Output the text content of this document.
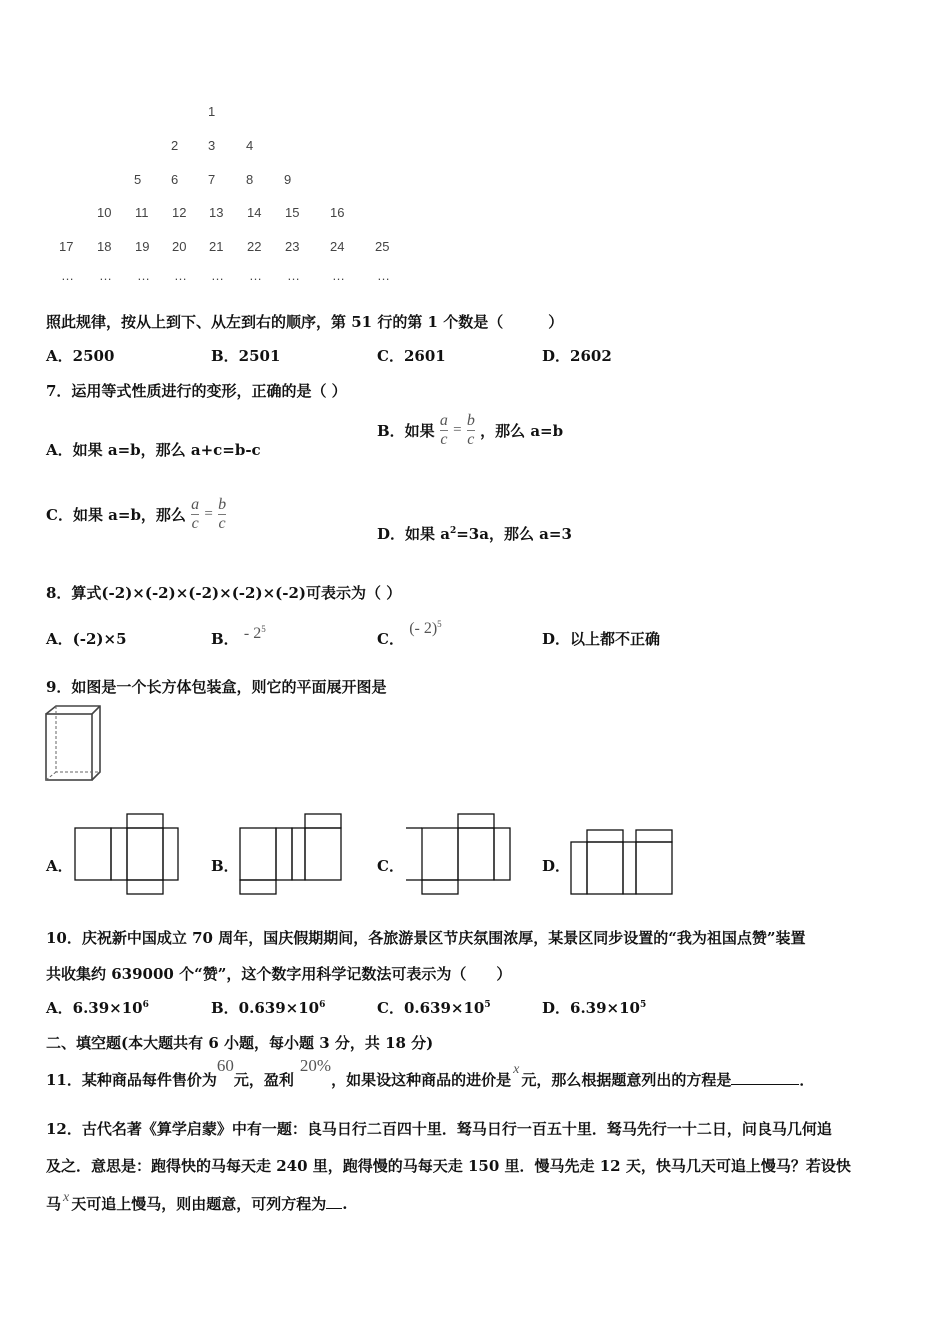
1
2 3 4
5 6 7 8 9
10 11 12 13 14 15 16
17 18 19 20 21 22 23 24 25
… … … … … … … … …
照此规律，按从上到下、从左到右的顺序，第 51 行的第 1 个数是（　　　）
A．2500	B．2501	C．2601	D．2602
7．运用等式性质进行的变形，正确的是（ ）
A．如果 a=b，那么 a+c=b-c
B．如果 $\frac{a}{c} = \frac{b}{c}$ ，那么 a=b
C．如果 a=b，那么 $\frac{a}{c} = \frac{b}{c}$
D．如果 $a^2=3a$，那么 a=3
8．算式(-2)×(-2)×(-2)×(-2)×(-2)可表示为（ ）
A．(-2)×5	B． - $2^5$
C． (- 2)$^5$
D．以上都不正确
9．如图是一个长方体包装盒，则它的平面展开图是
A．	B．	C．	D．
10．庆祝新中国成立 70 周年，国庆假期期间，各旅游景区节庆氛围浓厚，某景区同步设置的“我为祖国点赞”装置
共收集约 639000 个“赞”，这个数字用科学记数法可表示为（　　）
A．$6.39\times 10^6$	B．$0.639\times 10^6$	C．$0.639\times 10^5$	D．$6.39\times 10^5$
二、填空题(本大题共有 6 小题，每小题 3 分，共 18 分)
11．某种商品每件售价为60元，盈利20%，如果设这种商品的进价是x元，那么根据题意列出的方程是	．
12．古代名著《算学启蒙》中有一题：良马日行二百四十里．驽马日行一百五十里．驽马先行一十二日，问良马几何追
及之．意思是：跑得快的马每天走 240 里，跑得慢的马每天走 150 里．慢马先走 12 天，快马几天可追上慢马？若设快
马 x 天可追上慢马，则由题意，可列方程为 .
